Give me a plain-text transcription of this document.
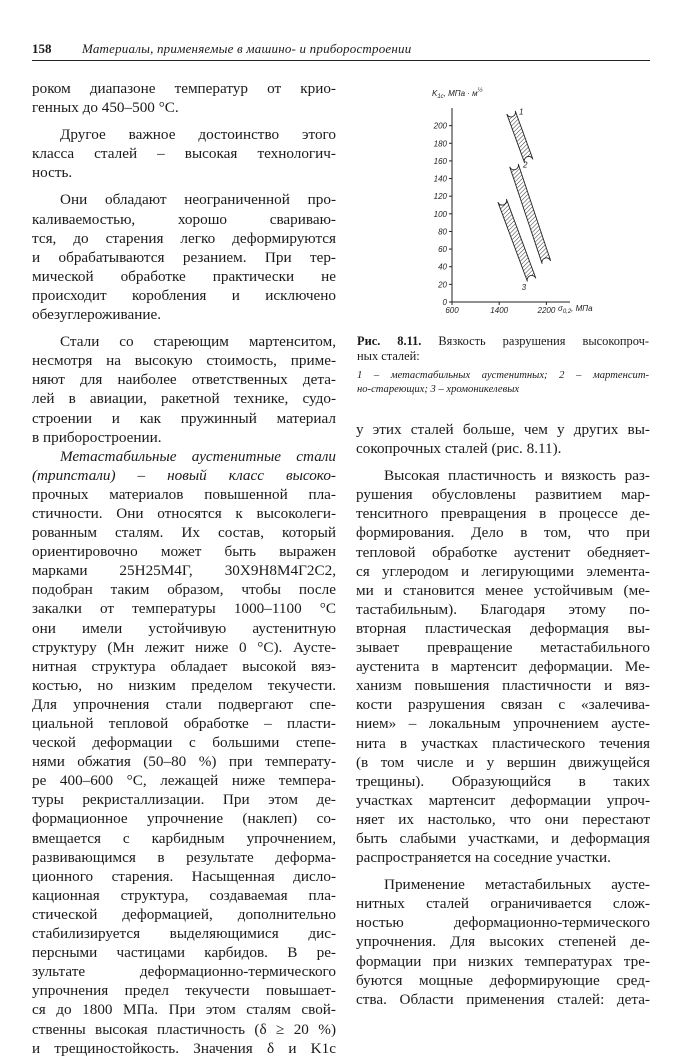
158 Материалы, применяемые в машино- и приборостроении
роком диапазоне температур от крио-
генных до 450–500 °С.
Другое важное достоинство этого
класса сталей – высокая технологич-
ность.
Они обладают неограниченной про-
каливаемостью, хорошо свариваю-
тся, до старения легко деформируются
и обрабатываются резанием. При тер-
мической обработке практически не
происходит коробления и исключено
обезуглероживание.
Стали со стареющим мартенситом,
несмотря на высокую стоимость, приме-
няют для наиболее ответственных дета-
лей в авиации, ракетной технике, судо-
строении и как пружинный материал
в приборостроении.
Метастабильные аустенитные стали
(трипстали) – новый класс высоко-
прочных материалов повышенной пла-
стичности. Они относятся к высоколеги-
рованным сталям. Их состав, который
ориентировочно может быть выражен
марками 25Н25М4Г, 30Х9Н8М4Г2С2,
подобран таким образом, чтобы после
закалки от температуры 1000–1100 °С
они имели устойчивую аустенитную
структуру (Mн лежит ниже 0 °С). Аусте-
нитная структура обладает высокой вяз-
костью, но низким пределом текучести.
Для упрочнения стали подвергают спе-
циальной тепловой обработке – пласти-
ческой деформации с большими степе-
нями обжатия (50–80 %) при температу-
ре 400–600 °С, лежащей ниже темпера-
туры рекристаллизации. При этом де-
формационное упрочнение (наклеп) со-
вмещается с карбидным упрочнением,
развивающимся в результате деформа-
ционного старения. Насыщенная дисло-
кационная структура, создаваемая пла-
стической деформацией, дополнительно
стабилизируется выделяющимися дис-
персными частицами карбидов. В ре-
зультате деформационно-термического
упрочнения предел текучести повышает-
ся до 1800 МПа. При этом сталям свой-
ственны высокая пластичность (δ ≥ 20 %)
и трещиностойкость. Значения δ и K1c
$K_{1c}$, МПа · $м^{\frac{1}{2}}$
200
180
160
140
120
100
80
60
40
20
0
600	1400	2200
1
2
3
$\sigma_{0,2}$, МПа
Рис. 8.11. Вязкость разрушения высокопроч-
ных сталей:
1 – метастабильных аустенитных; 2 – мартенсит-
но-стареющих; 3 – хромоникелевых
у этих сталей больше, чем у других вы-
сокопрочных сталей (рис. 8.11).
Высокая пластичность и вязкость раз-
рушения обусловлены развитием мар-
тенситного превращения в процессе де-
формирования. Дело в том, что при
тепловой обработке аустенит обедняет-
ся углеродом и легирующими элемента-
ми и становится менее устойчивым (ме-
тастабильным). Благодаря этому по-
вторная пластическая деформация вы-
зывает превращение метастабильного
аустенита в мартенсит деформации. Ме-
ханизм повышения пластичности и вяз-
кости разрушения связан с «залечива-
нием» – локальным упрочнением аусте-
нита в участках пластического течения
(в том числе и у вершин движущейся
трещины). Образующийся в таких
участках мартенсит деформации упроч-
няет их настолько, что они перестают
быть слабыми участками, и деформация
распространяется на соседние участки.
Применение метастабильных аусте-
нитных сталей ограничивается слож-
ностью деформационно-термического
упрочнения. Для высоких степеней де-
формации при низких температурах тре-
буются мощные деформирующие сред-
ства. Области применения сталей: дета-
